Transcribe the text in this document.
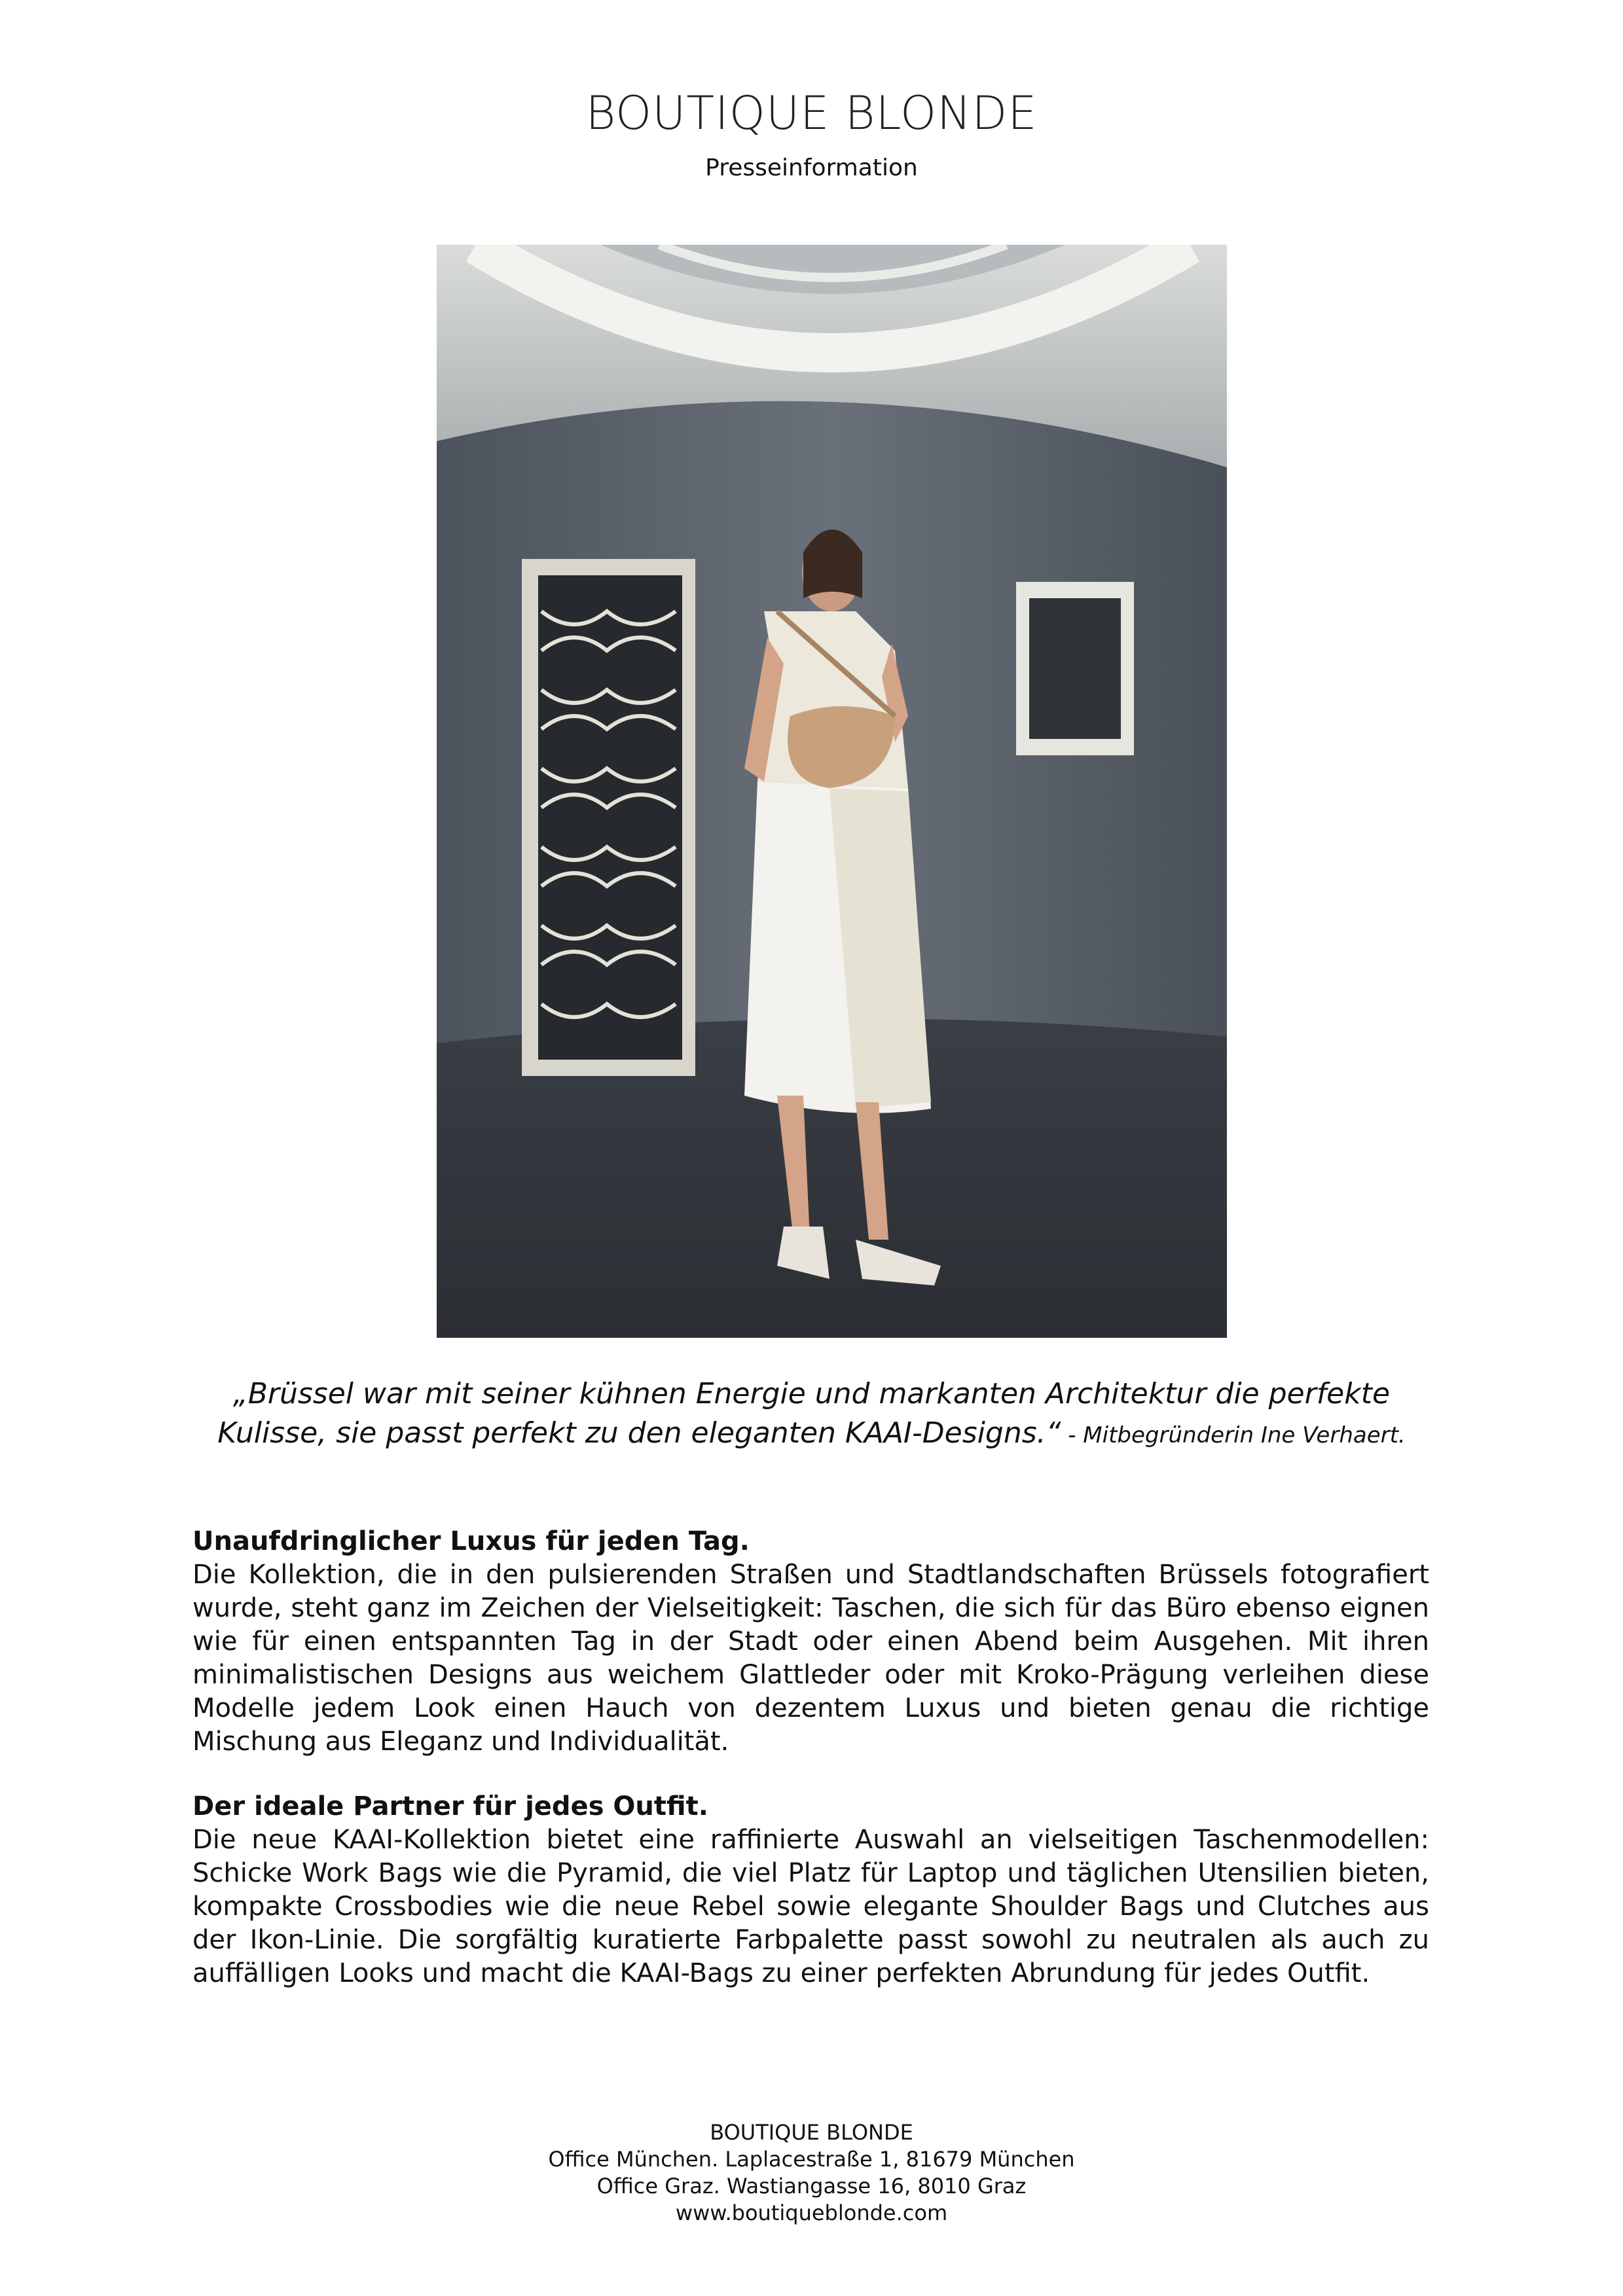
BOUTIQUE BLONDE
Presseinformation
„Brüssel war mit seiner kühnen Energie und markanten Architektur die perfekte Kulisse, sie passt perfekt zu den eleganten KAAI-Designs.“ - Mitbegründerin Ine Verhaert.
Unaufdringlicher Luxus für jeden Tag.
Die Kollektion, die in den pulsierenden Straßen und Stadtlandschaften Brüssels fotografiert wurde, steht ganz im Zeichen der Vielseitigkeit: Taschen, die sich für das Büro ebenso eignen wie für einen entspannten Tag in der Stadt oder einen Abend beim Ausgehen. Mit ihren minimalistischen Designs aus weichem Glattleder oder mit Kroko-Prägung verleihen diese Modelle jedem Look einen Hauch von dezentem Luxus und bieten genau die richtige Mischung aus Eleganz und Individualität.
Der ideale Partner für jedes Outfit.
Die neue KAAI-Kollektion bietet eine raffinierte Auswahl an vielseitigen Taschenmodellen: Schicke Work Bags wie die Pyramid, die viel Platz für Laptop und täglichen Utensilien bieten, kompakte Crossbodies wie die neue Rebel sowie elegante Shoulder Bags und Clutches aus der Ikon-Linie. Die sorgfältig kuratierte Farbpalette passt sowohl zu neutralen als auch zu auffälligen Looks und macht die KAAI-Bags zu einer perfekten Abrundung für jedes Outfit.
BOUTIQUE BLONDE
Office München. Laplacestraße 1, 81679 München
Office Graz. Wastiangasse 16, 8010 Graz
www.boutiqueblonde.com
